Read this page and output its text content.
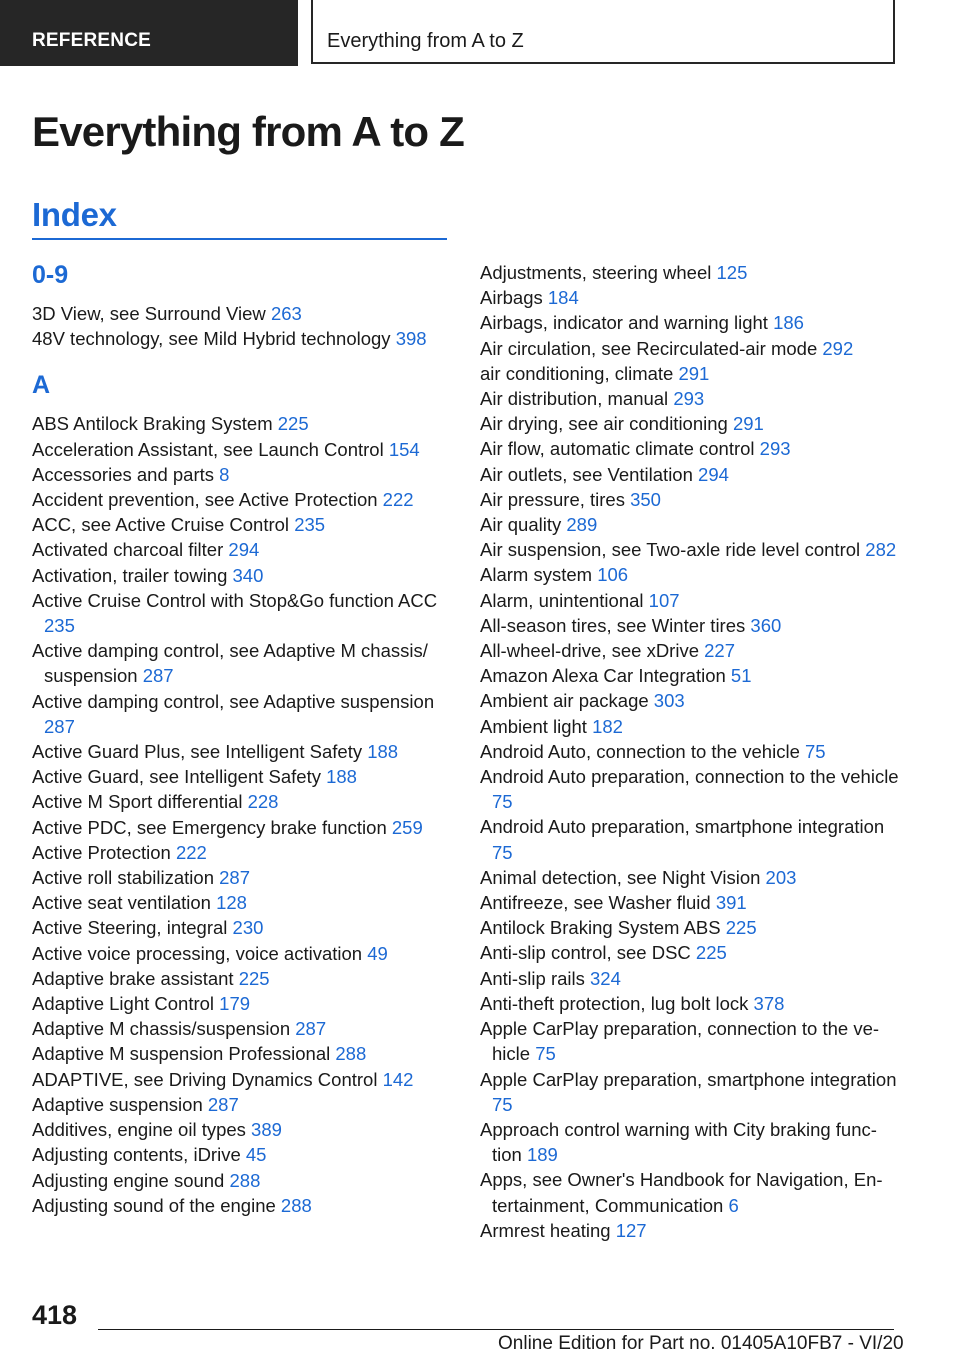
REFERENCE	Everything from A to Z
Everything from A to Z
Index
0-9
3D View, see Surround View 263
48V technology, see Mild Hybrid technology 398
A
ABS Antilock Braking System 225
Acceleration Assistant, see Launch Control 154
Accessories and parts 8
Accident prevention, see Active Protection 222
ACC, see Active Cruise Control 235
Activated charcoal filter 294
Activation, trailer towing 340
Active Cruise Control with Stop&Go function ACC 235
Active damping control, see Adaptive M chassis/​suspension 287
Active damping control, see Adaptive suspension 287
Active Guard Plus, see Intelligent Safety 188
Active Guard, see Intelligent Safety 188
Active M Sport differential 228
Active PDC, see Emergency brake function 259
Active Protection 222
Active roll stabilization 287
Active seat ventilation 128
Active Steering, integral 230
Active voice processing, voice activation 49
Adaptive brake assistant 225
Adaptive Light Control 179
Adaptive M chassis/suspension 287
Adaptive M suspension Professional 288
ADAPTIVE, see Driving Dynamics Control 142
Adaptive suspension 287
Additives, engine oil types 389
Adjusting contents, iDrive 45
Adjusting engine sound 288
Adjusting sound of the engine 288
Adjustments, steering wheel 125
Airbags 184
Airbags, indicator and warning light 186
Air circulation, see Recirculated-air mode 292
air conditioning, climate 291
Air distribution, manual 293
Air drying, see air conditioning 291
Air flow, automatic climate control 293
Air outlets, see Ventilation 294
Air pressure, tires 350
Air quality 289
Air suspension, see Two-axle ride level control 282
Alarm system 106
Alarm, unintentional 107
All-season tires, see Winter tires 360
All-wheel-drive, see xDrive 227
Amazon Alexa Car Integration 51
Ambient air package 303
Ambient light 182
Android Auto, connection to the vehicle 75
Android Auto preparation, connection to the vehicle 75
Android Auto preparation, smartphone integration 75
Animal detection, see Night Vision 203
Antifreeze, see Washer fluid 391
Antilock Braking System ABS 225
Anti-slip control, see DSC 225
Anti-slip rails 324
Anti-theft protection, lug bolt lock 378
Apple CarPlay preparation, connection to the vehicle 75
Apple CarPlay preparation, smartphone integration 75
Approach control warning with City braking function 189
Apps, see Owner's Handbook for Navigation, Entertainment, Communication 6
Armrest heating 127
418
Online Edition for Part no. 01405A10FB7 - VI/20
